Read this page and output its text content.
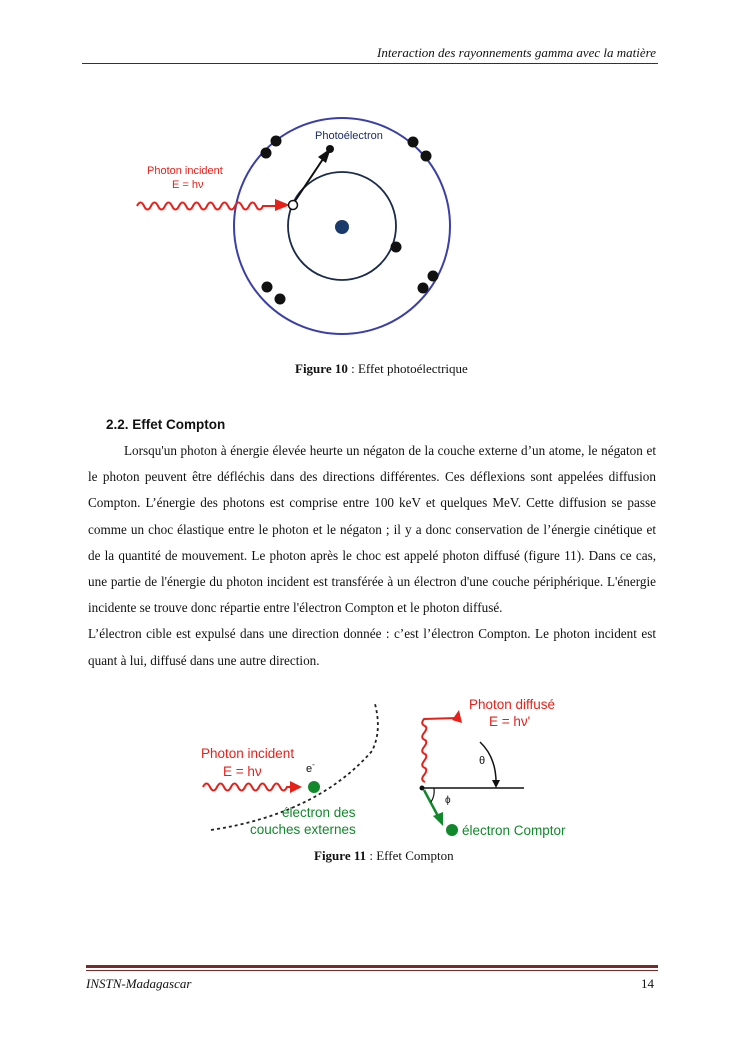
Interaction des rayonnements gamma avec la matière
Photoélectron
Photon incident
E = hν
Figure 10 : Effet photoélectrique
2.2. Effet Compton

Lorsqu'un photon à énergie élevée heurte un négaton de la couche externe d’un atome, le négaton et le photon peuvent être défléchis dans des directions différentes. Ces déflexions sont appelées diffusion Compton. L’énergie des photons est comprise entre 100 keV et quelques MeV. Cette diffusion se passe comme un choc élastique entre le photon et le négaton ; il y a donc conservation de l’énergie cinétique et de la quantité de mouvement. Le photon après le choc est appelé photon diffusé (figure 11). Dans ce cas, une partie de l'énergie du photon incident est transférée à un électron d'une couche périphérique. L'énergie incidente se trouve donc répartie entre l'électron Compton et le photon diffusé.

L’électron cible est expulsé dans une direction donnée : c’est l’électron Compton. Le photon incident est quant à lui, diffusé dans une autre direction.

Photon incident
E = hν	e-
électron des
couches externes
θ
ϕ
Photon diffusé
E = hν'
électron Comptor
Figure 11 : Effet Compton
INSTN-Madagascar	14
